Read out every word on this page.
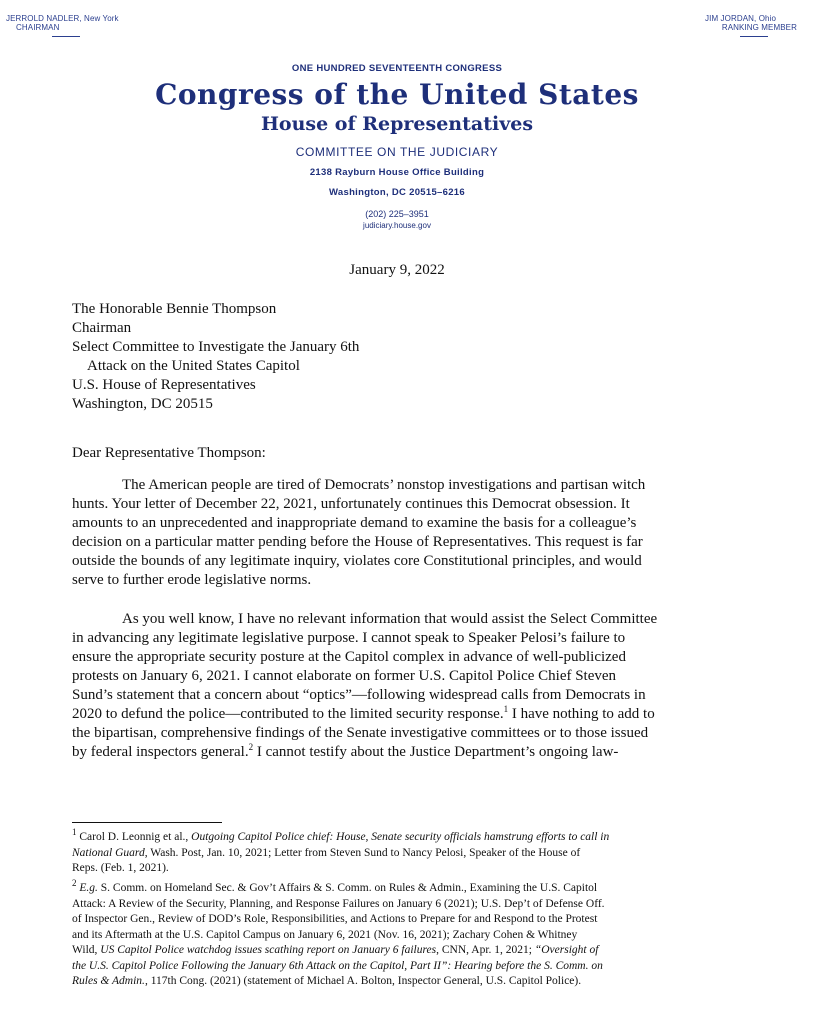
JERROLD NADLER, New York
CHAIRMAN
JIM JORDAN, Ohio
RANKING MEMBER
ONE HUNDRED SEVENTEENTH CONGRESS
Congress of the United States
House of Representatives
COMMITTEE ON THE JUDICIARY
2138 Rayburn House Office Building
Washington, DC 20515–6216
(202) 225–3951
judiciary.house.gov
January 9, 2022
The Honorable Bennie Thompson
Chairman
Select Committee to Investigate the January 6th
Attack on the United States Capitol
U.S. House of Representatives
Washington, DC 20515
Dear Representative Thompson:
The American people are tired of Democrats’ nonstop investigations and partisan witch
hunts. Your letter of December 22, 2021, unfortunately continues this Democrat obsession. It
amounts to an unprecedented and inappropriate demand to examine the basis for a colleague’s
decision on a particular matter pending before the House of Representatives. This request is far
outside the bounds of any legitimate inquiry, violates core Constitutional principles, and would
serve to further erode legislative norms.
As you well know, I have no relevant information that would assist the Select Committee
in advancing any legitimate legislative purpose. I cannot speak to Speaker Pelosi’s failure to
ensure the appropriate security posture at the Capitol complex in advance of well-publicized
protests on January 6, 2021. I cannot elaborate on former U.S. Capitol Police Chief Steven
Sund’s statement that a concern about “optics”—following widespread calls from Democrats in
2020 to defund the police—contributed to the limited security response.$^1$ I have nothing to add to
the bipartisan, comprehensive findings of the Senate investigative committees or to those issued
by federal inspectors general.$^2$ I cannot testify about the Justice Department’s ongoing law-
$^1$ Carol D. Leonnig et al., Outgoing Capitol Police chief: House, Senate security officials hamstrung efforts to call in
National Guard, Wash. Post, Jan. 10, 2021; Letter from Steven Sund to Nancy Pelosi, Speaker of the House of
Reps. (Feb. 1, 2021).
$^2$ E.g. S. Comm. on Homeland Sec. & Gov’t Affairs & S. Comm. on Rules & Admin., Examining the U.S. Capitol
Attack: A Review of the Security, Planning, and Response Failures on January 6 (2021); U.S. Dep’t of Defense Off.
of Inspector Gen., Review of DOD’s Role, Responsibilities, and Actions to Prepare for and Respond to the Protest
and its Aftermath at the U.S. Capitol Campus on January 6, 2021 (Nov. 16, 2021); Zachary Cohen & Whitney
Wild, US Capitol Police watchdog issues scathing report on January 6 failures, CNN, Apr. 1, 2021; “Oversight of
the U.S. Capitol Police Following the January 6th Attack on the Capitol, Part II”: Hearing before the S. Comm. on
Rules & Admin., 117th Cong. (2021) (statement of Michael A. Bolton, Inspector General, U.S. Capitol Police).
